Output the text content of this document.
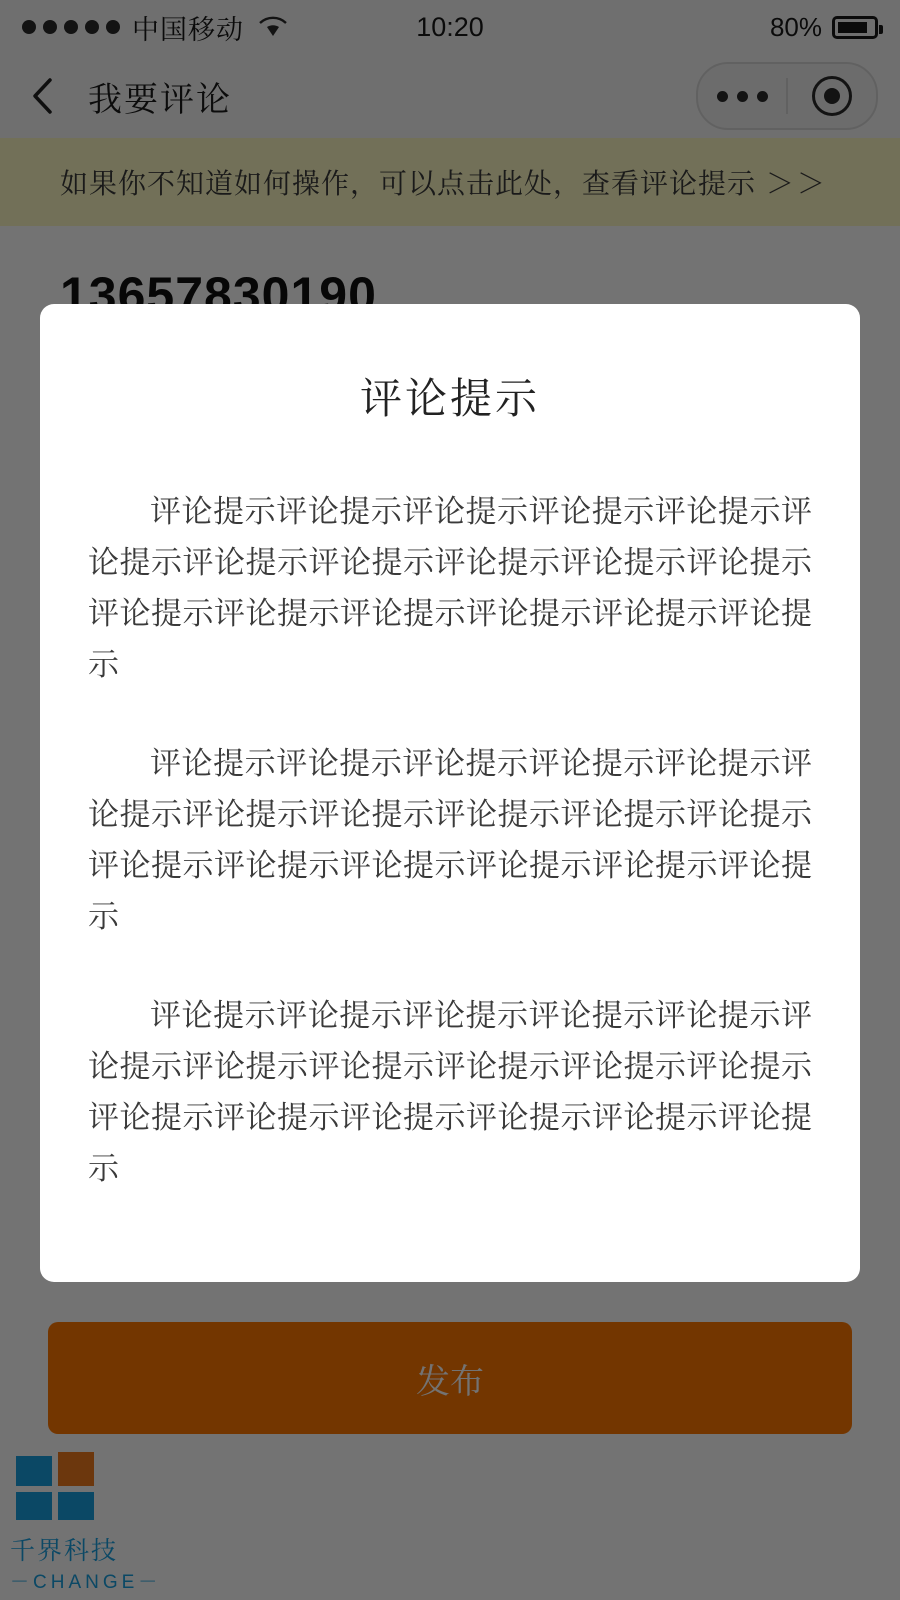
评论提示

评论提示评论提示评论提示评论提示评论提示评论提示评论提示评论提示评论提示评论提示评论提示评论提示评论提示评论提示评论提示评论提示评论提示

评论提示评论提示评论提示评论提示评论提示评论提示评论提示评论提示评论提示评论提示评论提示评论提示评论提示评论提示评论提示评论提示评论提示

评论提示评论提示评论提示评论提示评论提示评论提示评论提示评论提示评论提示评论提示评论提示评论提示评论提示评论提示评论提示评论提示评论提示
